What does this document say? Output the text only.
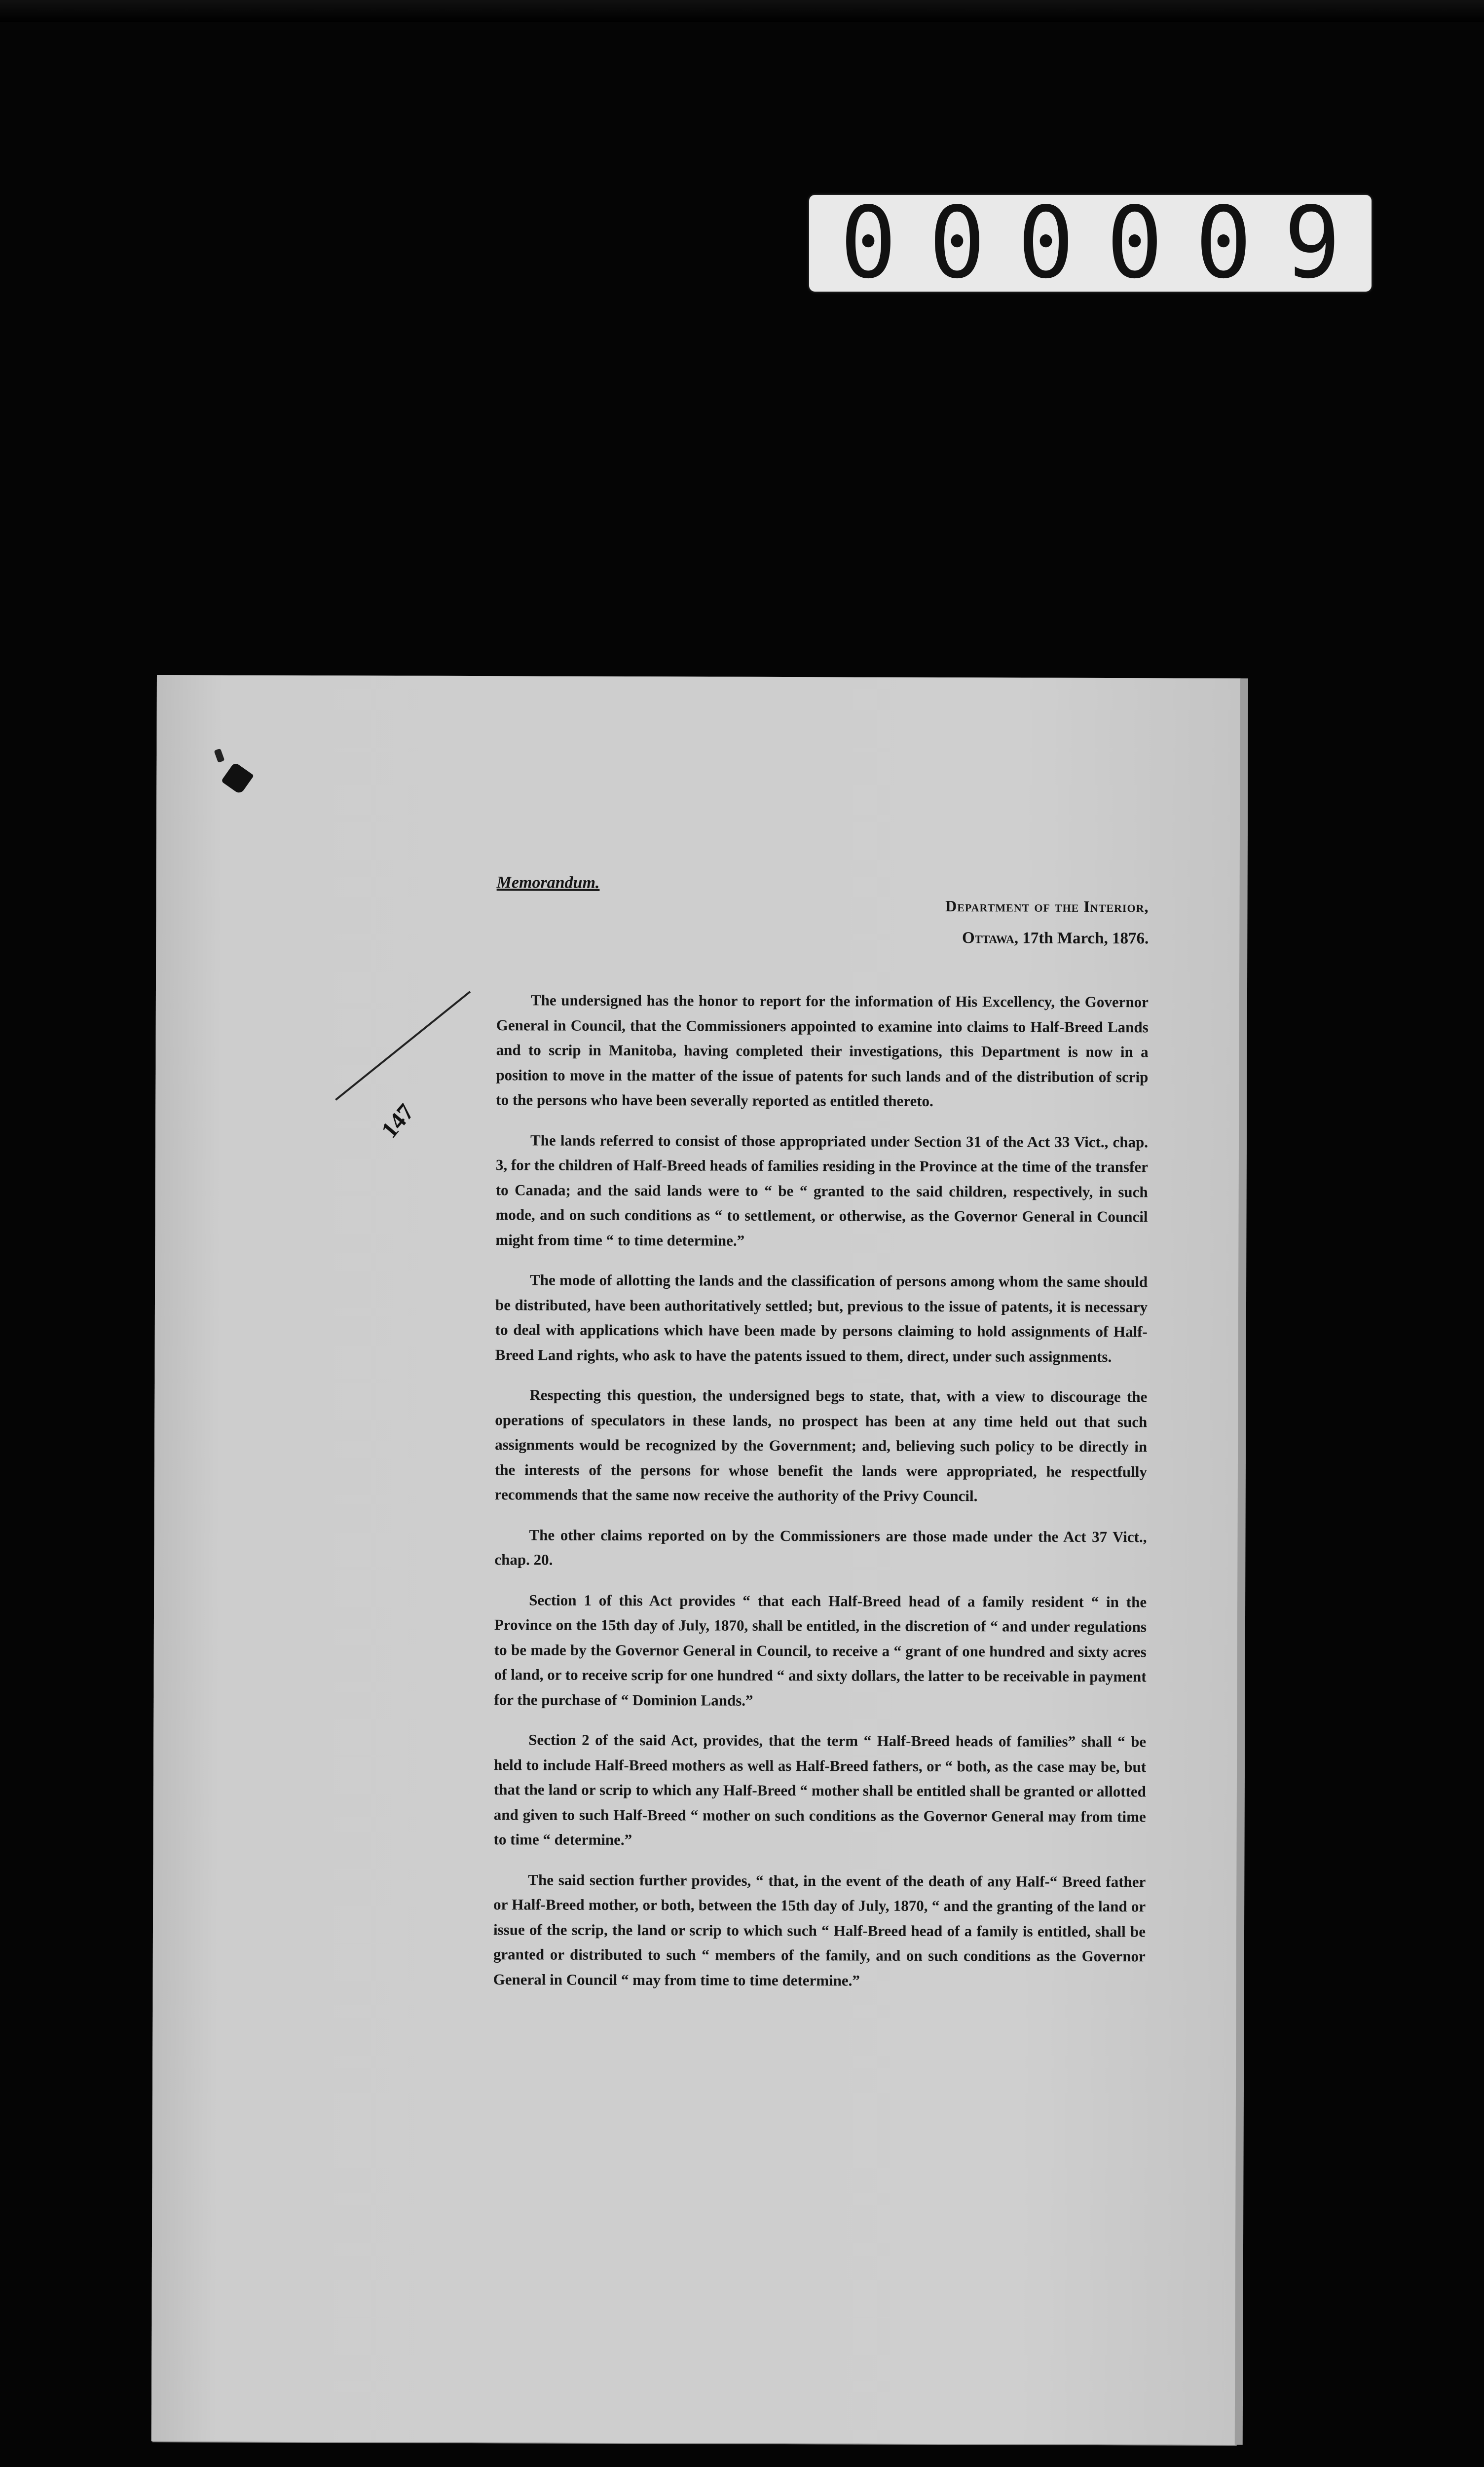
0 0 0 0 0 9
147

Memorandum.

Department of the Interior,
Ottawa, 17th March, 1876.

The undersigned has the honor to report for the information of His Excellency, the Governor General in Council, that the Commissioners appointed to examine into claims to Half-Breed Lands and to scrip in Manitoba, having completed their investigations, this Department is now in a position to move in the matter of the issue of patents for such lands and of the distribution of scrip to the persons who have been severally reported as entitled thereto.

The lands referred to consist of those appropriated under Section 31 of the Act 33 Vict., chap. 3, for the children of Half-Breed heads of families residing in the Province at the time of the transfer to Canada; and the said lands were to “ be “ granted to the said children, respectively, in such mode, and on such conditions as “ to settlement, or otherwise, as the Governor General in Council might from time “ to time determine.”

The mode of allotting the lands and the classification of persons among whom the same should be distributed, have been authoritatively settled; but, previous to the issue of patents, it is necessary to deal with applications which have been made by persons claiming to hold assignments of Half-Breed Land rights, who ask to have the patents issued to them, direct, under such assignments.

Respecting this question, the undersigned begs to state, that, with a view to discourage the operations of speculators in these lands, no prospect has been at any time held out that such assignments would be recognized by the Government; and, believing such policy to be directly in the interests of the persons for whose benefit the lands were appropriated, he respectfully recommends that the same now receive the authority of the Privy Council.

The other claims reported on by the Commissioners are those made under the Act 37 Vict., chap. 20.

Section 1 of this Act provides “ that each Half-Breed head of a family resident “ in the Province on the 15th day of July, 1870, shall be entitled, in the discretion of “ and under regulations to be made by the Governor General in Council, to receive a “ grant of one hundred and sixty acres of land, or to receive scrip for one hundred “ and sixty dollars, the latter to be receivable in payment for the purchase of “ Dominion Lands.”

Section 2 of the said Act, provides, that the term “ Half-Breed heads of families” shall “ be held to include Half-Breed mothers as well as Half-Breed fathers, or “ both, as the case may be, but that the land or scrip to which any Half-Breed “ mother shall be entitled shall be granted or allotted and given to such Half-Breed “ mother on such conditions as the Governor General may from time to time “ determine.”

The said section further provides, “ that, in the event of the death of any Half-“ Breed father or Half-Breed mother, or both, between the 15th day of July, 1870, “ and the granting of the land or issue of the scrip, the land or scrip to which such “ Half-Breed head of a family is entitled, shall be granted or distributed to such “ members of the family, and on such conditions as the Governor General in Council “ may from time to time determine.”
